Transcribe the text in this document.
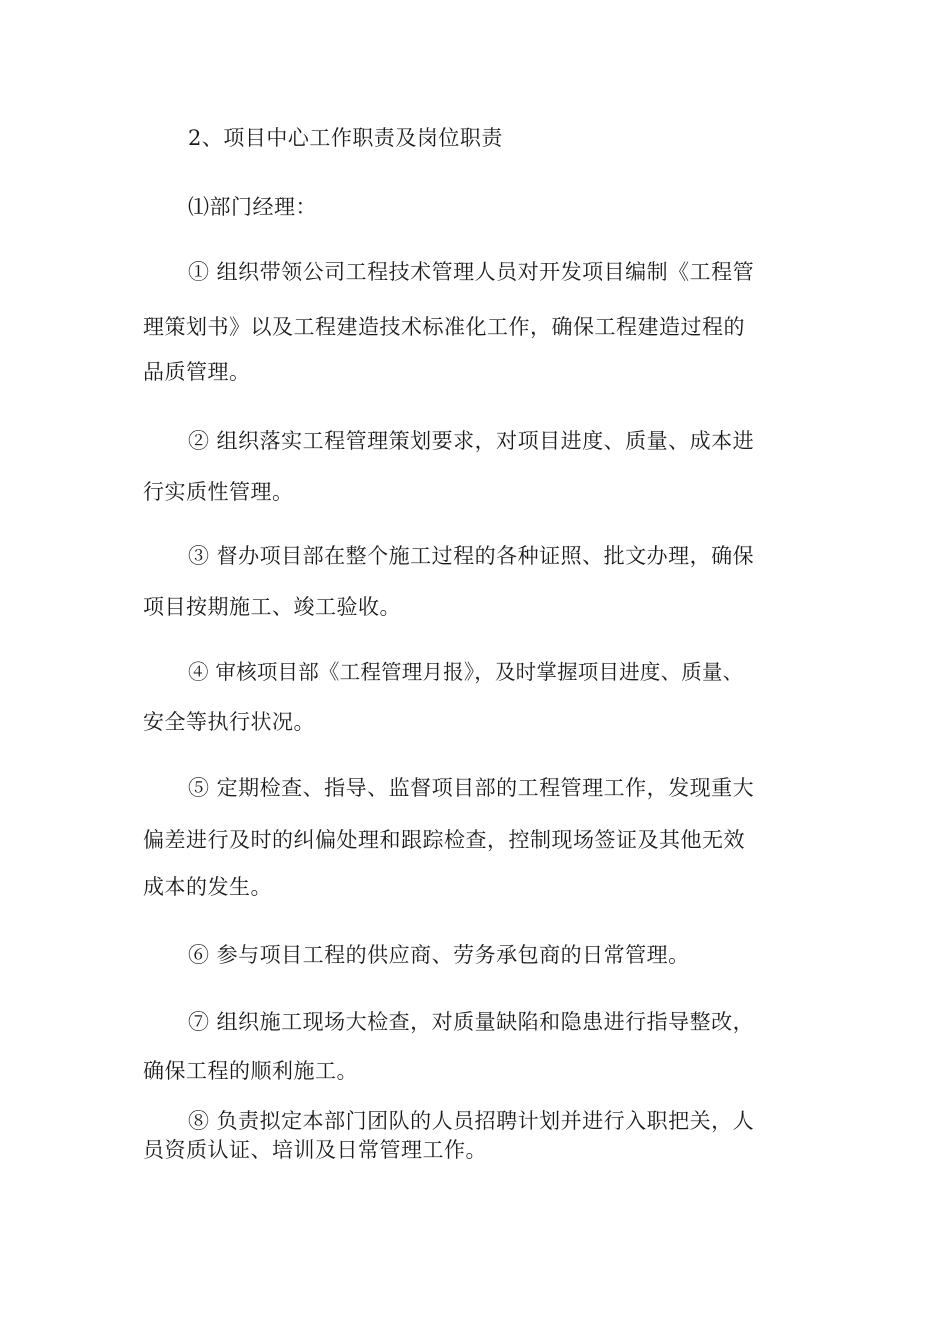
2、项目中心工作职责及岗位职责
⑴部门经理：
① 组织带领公司工程技术管理人员对开发项目编制《工程管
理策划书》以及工程建造技术标准化工作，确保工程建造过程的
品质管理。
② 组织落实工程管理策划要求，对项目进度、质量、成本进
行实质性管理。
③ 督办项目部在整个施工过程的各种证照、批文办理，确保
项目按期施工、竣工验收。
④ 审核项目部《工程管理月报》，及时掌握项目进度、质量、
安全等执行状况。
⑤ 定期检查、指导、监督项目部的工程管理工作，发现重大
偏差进行及时的纠偏处理和跟踪检查，控制现场签证及其他无效
成本的发生。
⑥ 参与项目工程的供应商、劳务承包商的日常管理。
⑦ 组织施工现场大检查，对质量缺陷和隐患进行指导整改，
确保工程的顺利施工。
⑧ 负责拟定本部门团队的人员招聘计划并进行入职把关，人
员资质认证、培训及日常管理工作。
